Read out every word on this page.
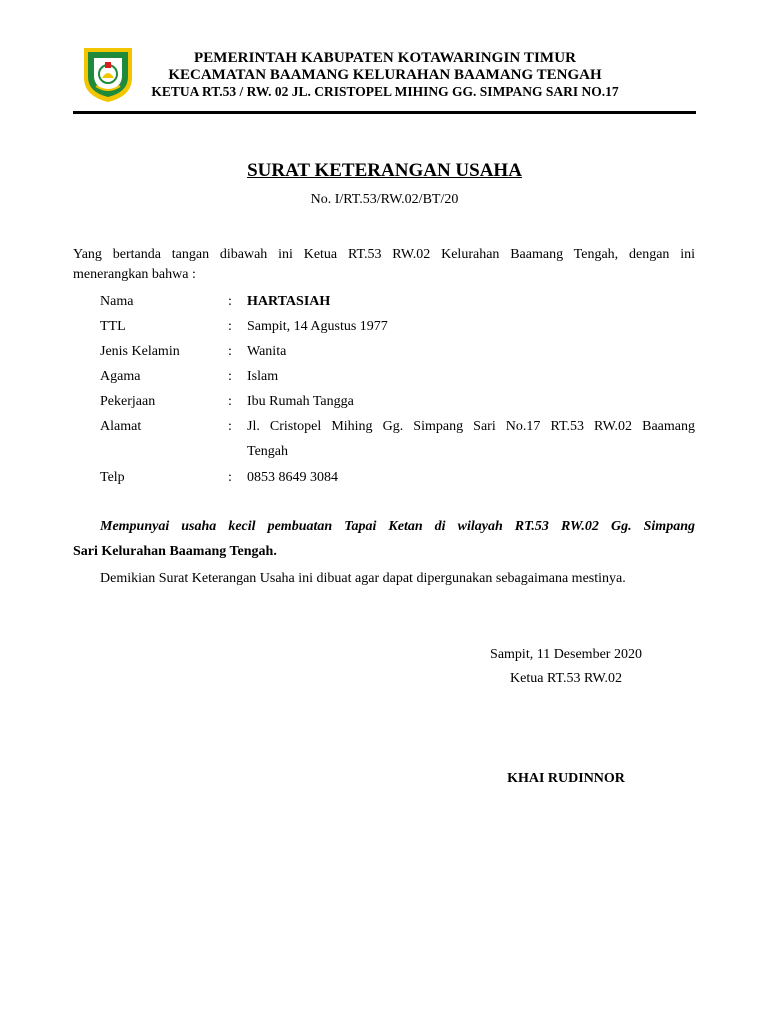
PEMERINTAH KABUPATEN KOTAWARINGIN TIMUR
KECAMATAN BAAMANG KELURAHAN BAAMANG TENGAH
KETUA RT.53 / RW. 02 JL. CRISTOPEL MIHING GG. SIMPANG SARI NO.17
SURAT KETERANGAN USAHA
No. I/RT.53/RW.02/BT/20
Yang bertanda tangan dibawah ini Ketua RT.53 RW.02 Kelurahan Baamang Tengah, dengan ini
menerangkan bahwa :
Nama	: HARTASIAH
TTL	: Sampit, 14 Agustus 1977
Jenis Kelamin	: Wanita
Agama	: Islam
Pekerjaan	: Ibu Rumah Tangga
Alamat	: Jl. Cristopel Mihing Gg. Simpang Sari No.17 RT.53 RW.02 Baamang
Tengah
Telp	: 0853 8649 3084
Mempunyai usaha kecil pembuatan Tapai Ketan di wilayah RT.53 RW.02 Gg. Simpang
Sari Kelurahan Baamang Tengah.
Demikian Surat Keterangan Usaha ini dibuat agar dapat dipergunakan sebagaimana mestinya.
Sampit, 11 Desember 2020
Ketua RT.53 RW.02
KHAI RUDINNOR
